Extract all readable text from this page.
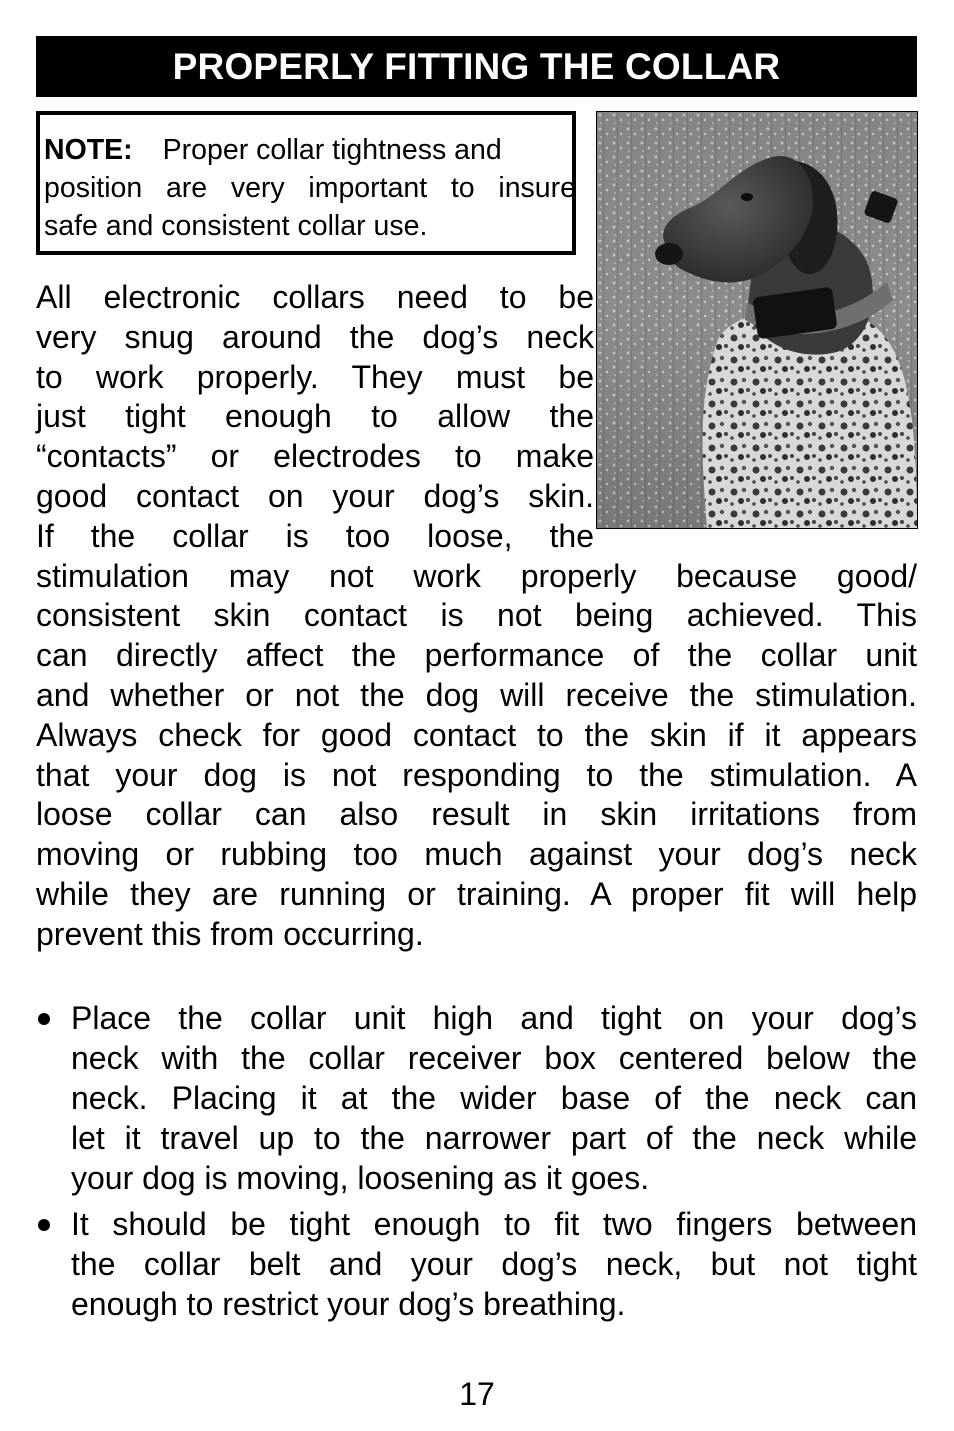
PROPERLY FITTING THE COLLAR
NOTE: Proper collar tightness and
position are very important to insure
safe and consistent collar use.
All electronic collars need to be
very snug around the dog’s neck
to work properly. They must be
just tight enough to allow the
“contacts” or electrodes to make
good contact on your dog’s skin.
If the collar is too loose, the
stimulation may not work properly because good/
consistent skin contact is not being achieved. This
can directly affect the performance of the collar unit
and whether or not the dog will receive the stimulation.
Always check for good contact to the skin if it appears
that your dog is not responding to the stimulation. A
loose collar can also result in skin irritations from
moving or rubbing too much against your dog’s neck
while they are running or training. A proper fit will help
prevent this from occurring.
Place the collar unit high and tight on your dog’s
neck with the collar receiver box centered below the
neck. Placing it at the wider base of the neck can
let it travel up to the narrower part of the neck while
your dog is moving, loosening as it goes.
It should be tight enough to fit two fingers between
the collar belt and your dog’s neck, but not tight
enough to restrict your dog’s breathing.
17
